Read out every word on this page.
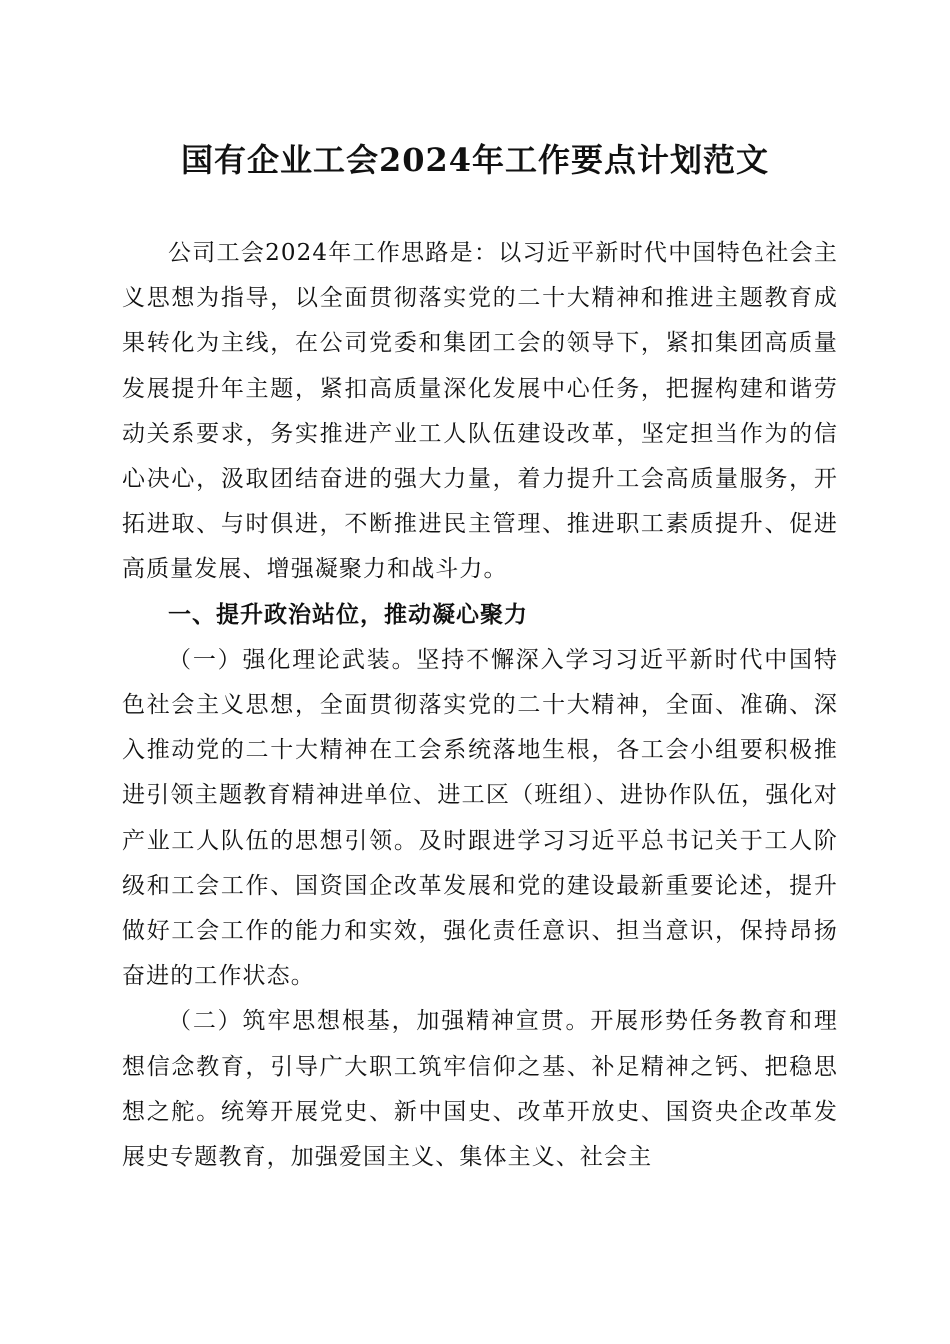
国有企业工会2024年工作要点计划范文

公司工会2024年工作思路是：以习近平新时代中国特色社会主义思想为指导，以全面贯彻落实党的二十大精神和推进主题教育成果转化为主线，在公司党委和集团工会的领导下，紧扣集团高质量发展提升年主题，紧扣高质量深化发展中心任务，把握构建和谐劳动关系要求，务实推进产业工人队伍建设改革，坚定担当作为的信心决心，汲取团结奋进的强大力量，着力提升工会高质量服务，开拓进取、与时俱进，不断推进民主管理、推进职工素质提升、促进高质量发展、增强凝聚力和战斗力。

一、提升政治站位，推动凝心聚力

（一）强化理论武装。坚持不懈深入学习习近平新时代中国特色社会主义思想，全面贯彻落实党的二十大精神，全面、准确、深入推动党的二十大精神在工会系统落地生根，各工会小组要积极推进引领主题教育精神进单位、进工区（班组）、进协作队伍，强化对产业工人队伍的思想引领。及时跟进学习习近平总书记关于工人阶级和工会工作、国资国企改革发展和党的建设最新重要论述，提升做好工会工作的能力和实效，强化责任意识、担当意识，保持昂扬奋进的工作状态。

（二）筑牢思想根基，加强精神宣贯。开展形势任务教育和理想信念教育，引导广大职工筑牢信仰之基、补足精神之钙、把稳思想之舵。统筹开展党史、新中国史、改革开放史、国资央企改革发展史专题教育，加强爱国主义、集体主义、社会主
